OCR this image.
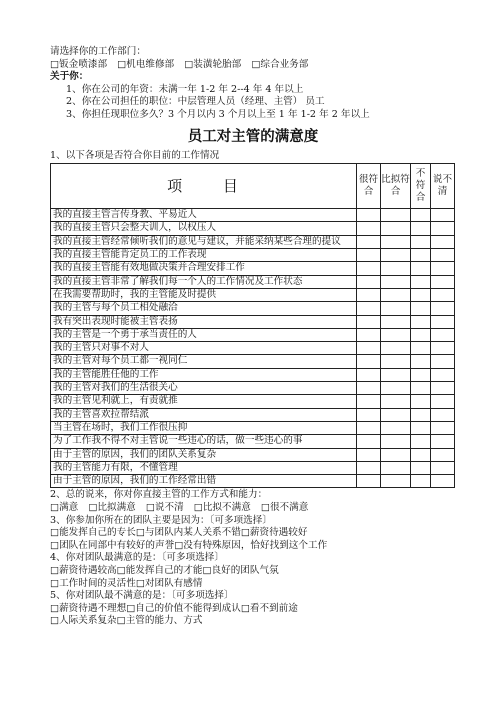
请选择你的工作部门：
□钣金喷漆部 □机电维修部 □装潢轮胎部 □综合业务部
关于你：
1、你在公司的年资：未满一年 1-2 年 2--4 年 4 年以上
2、你在公司担任的职位：中层管理人员（经理、主管） 员工
3、你担任现职位多久？3 个月以内 3 个月以上至 1 年 1-2 年 2 年以上
员工对主管的满意度
1、以下各项是否符合你目前的工作情况
项 目	很符合	比拟符合	不符合	说不清
我的直接主管言传身教、平易近人				
我的直接主管只会整天训人，以权压人				
我的直接主管经常倾听我们的意见与建议，并能采纳某些合理的提议				
我的直接主管能肯定员工的工作表现				
我的直接主管能有效地做决策并合理安排工作				
我的直接主管非常了解我们每一个人的工作情况及工作状态				
在我需要帮助时，我的主管能及时提供				
我的主管与每个员工相处融洽				
我有突出表现时能被主管表扬				
我的主管是一个勇于承当责任的人				
我的主管只对事不对人				
我的主管对每个员工都一视同仁				
我的主管能胜任他的工作				
我的主管对我们的生活很关心				
我的主管见利就上，有责就推				
我的主管喜欢拉帮结派				
当主管在场时，我们工作很压抑				
为了工作我不得不对主管说一些违心的话，做一些违心的事				
由于主管的原因，我们的团队关系复杂				
我的主管能力有限，不懂管理				
由于主管的原因，我们的工作经常出错				
2、总的说来，你对你直接主管的工作方式和能力：
□满意 □比拟满意 □说不清 □比拟不满意 □很不满意
3、你参加你所在的团队主要是因为：〔可多项选择〕
□能发挥自己的专长□与团队内某人关系不错□薪资待遇较好
□团队在同部中有较好的声誉□没有特殊原因，恰好找到这个工作
4、你对团队最满意的是：〔可多项选择〕
□薪资待遇较高□能发挥自己的才能□良好的团队气氛
□工作时间的灵活性□对团队有感情
5、你对团队最不满意的是：〔可多项选择〕
□薪资待遇不理想□自己的价值不能得到成认□看不到前途
□人际关系复杂□主管的能力、方式
